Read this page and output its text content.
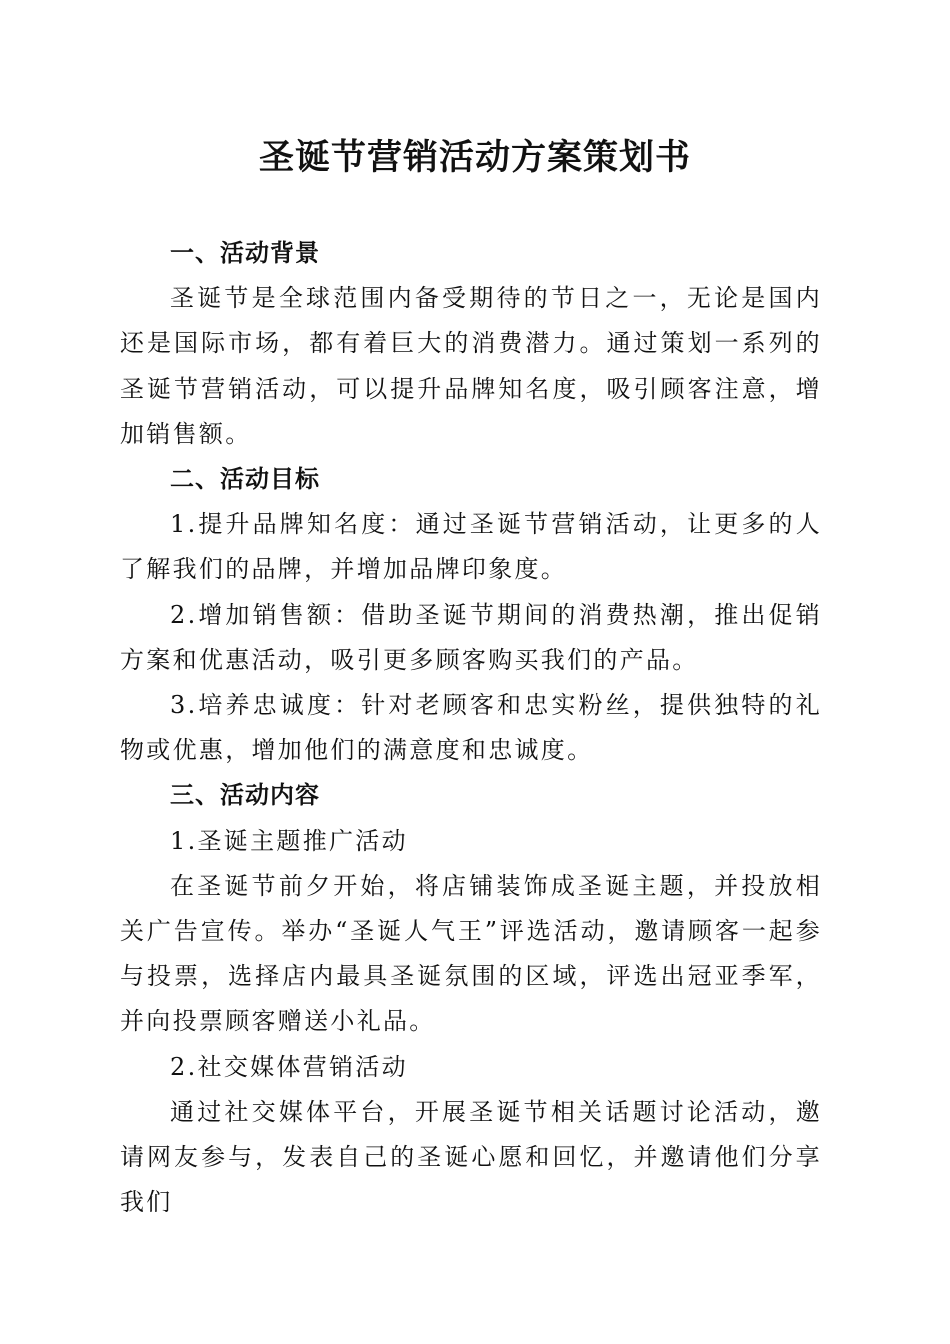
圣诞节营销活动方案策划书

一、活动背景

圣诞节是全球范围内备受期待的节日之一，无论是国内还是国际市场，都有着巨大的消费潜力。通过策划一系列的圣诞节营销活动，可以提升品牌知名度，吸引顾客注意，增加销售额。

二、活动目标

1.提升品牌知名度：通过圣诞节营销活动，让更多的人了解我们的品牌，并增加品牌印象度。

2.增加销售额：借助圣诞节期间的消费热潮，推出促销方案和优惠活动，吸引更多顾客购买我们的产品。

3.培养忠诚度：针对老顾客和忠实粉丝，提供独特的礼物或优惠，增加他们的满意度和忠诚度。

三、活动内容

1.圣诞主题推广活动

在圣诞节前夕开始，将店铺装饰成圣诞主题，并投放相关广告宣传。举办“圣诞人气王”评选活动，邀请顾客一起参与投票，选择店内最具圣诞氛围的区域，评选出冠亚季军，并向投票顾客赠送小礼品。

2.社交媒体营销活动

通过社交媒体平台，开展圣诞节相关话题讨论活动，邀请网友参与，发表自己的圣诞心愿和回忆，并邀请他们分享我们
